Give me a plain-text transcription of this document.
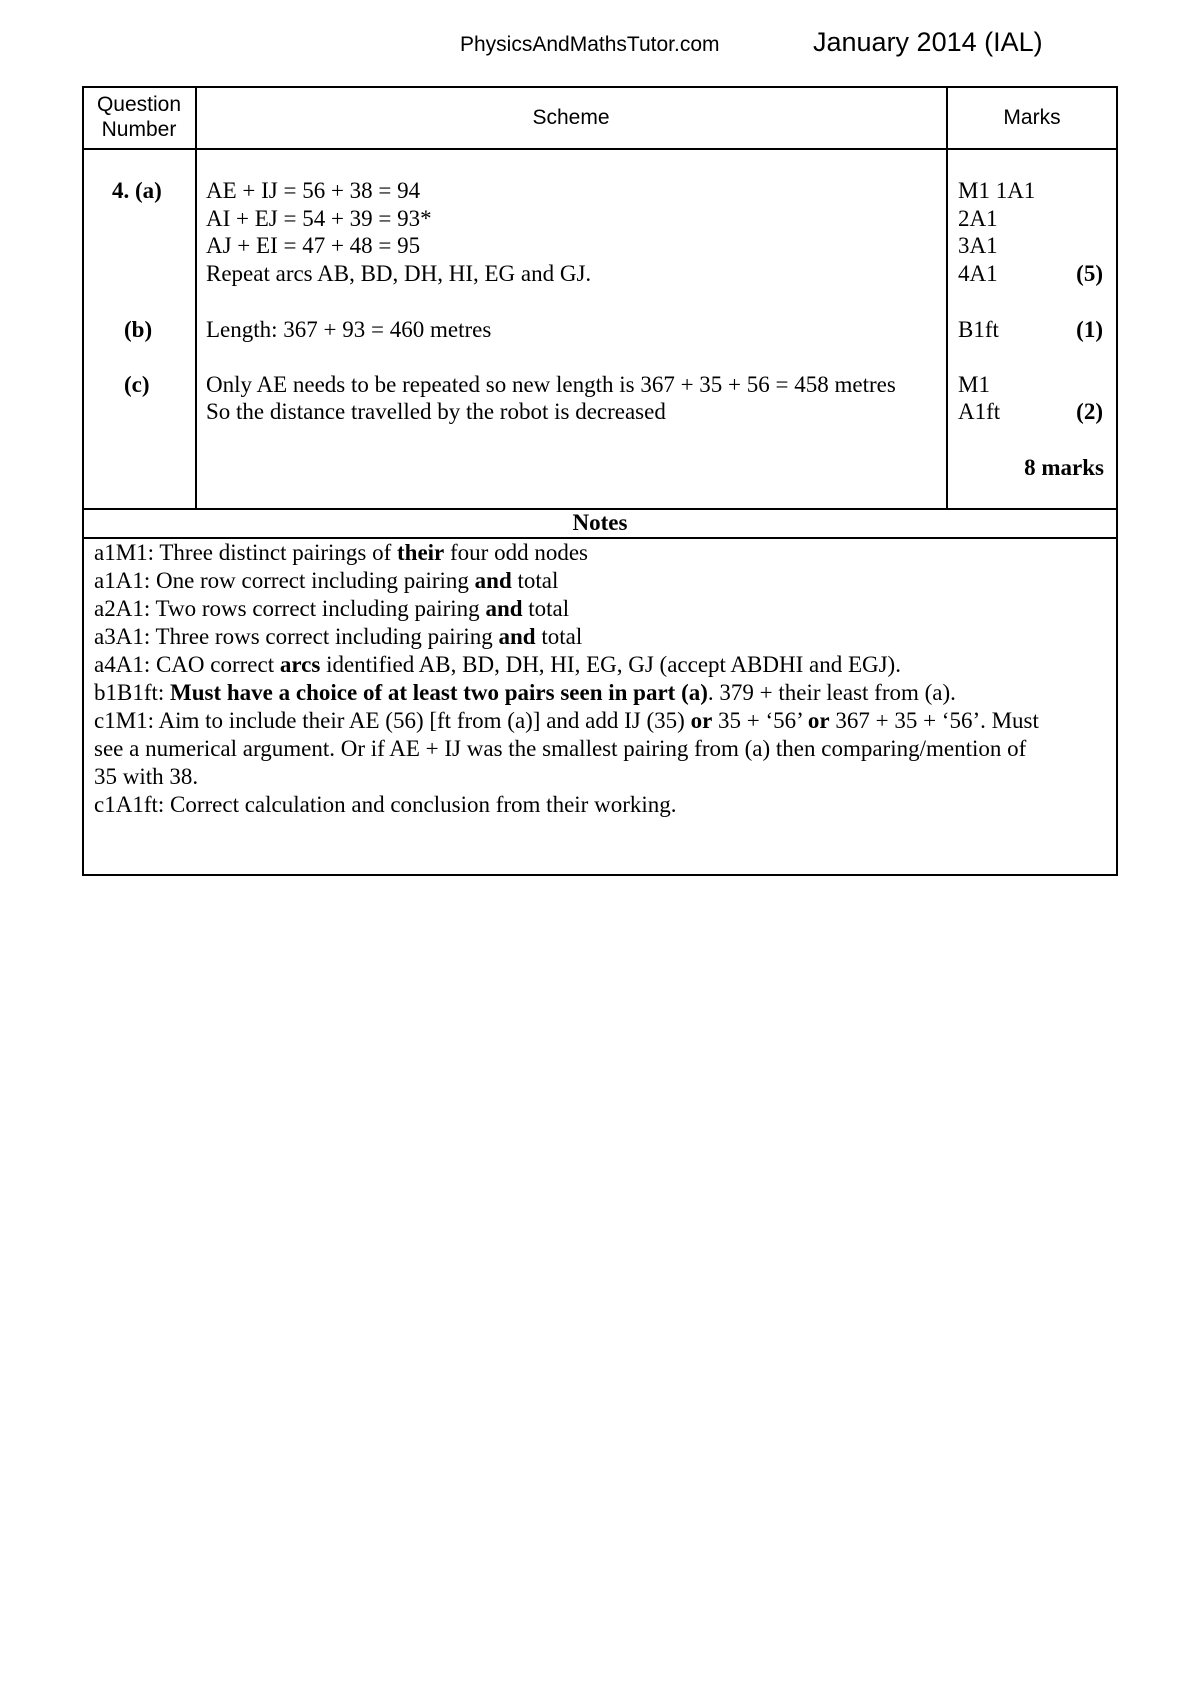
PhysicsAndMathsTutor.com	January 2014 (IAL)
Question
Number
Scheme	Marks
4. (a) AE + IJ = 56 + 38 = 94	M1 1A1
AI + EJ = 54 + 39 = 93*	2A1
AJ + EI = 47 + 48 = 95	3A1
Repeat arcs AB, BD, DH, HI, EG and GJ.	4A1	(5)
(b) Length: 367 + 93 = 460 metres	B1ft	(1)
(c) Only AE needs to be repeated so new length is 367 + 35 + 56 = 458 metres	M1
So the distance travelled by the robot is decreased	A1ft	(2)
8 marks
Notes
a1M1: Three distinct pairings of their four odd nodes
a1A1: One row correct including pairing and total
a2A1: Two rows correct including pairing and total
a3A1: Three rows correct including pairing and total
a4A1: CAO correct arcs identified AB, BD, DH, HI, EG, GJ (accept ABDHI and EGJ).
b1B1ft: Must have a choice of at least two pairs seen in part (a). 379 + their least from (a).
c1M1: Aim to include their AE (56) [ft from (a)] and add IJ (35) or 35 + ‘56’ or 367 + 35 + ‘56’. Must
see a numerical argument. Or if AE + IJ was the smallest pairing from (a) then comparing/mention of
35 with 38.
c1A1ft: Correct calculation and conclusion from their working.
